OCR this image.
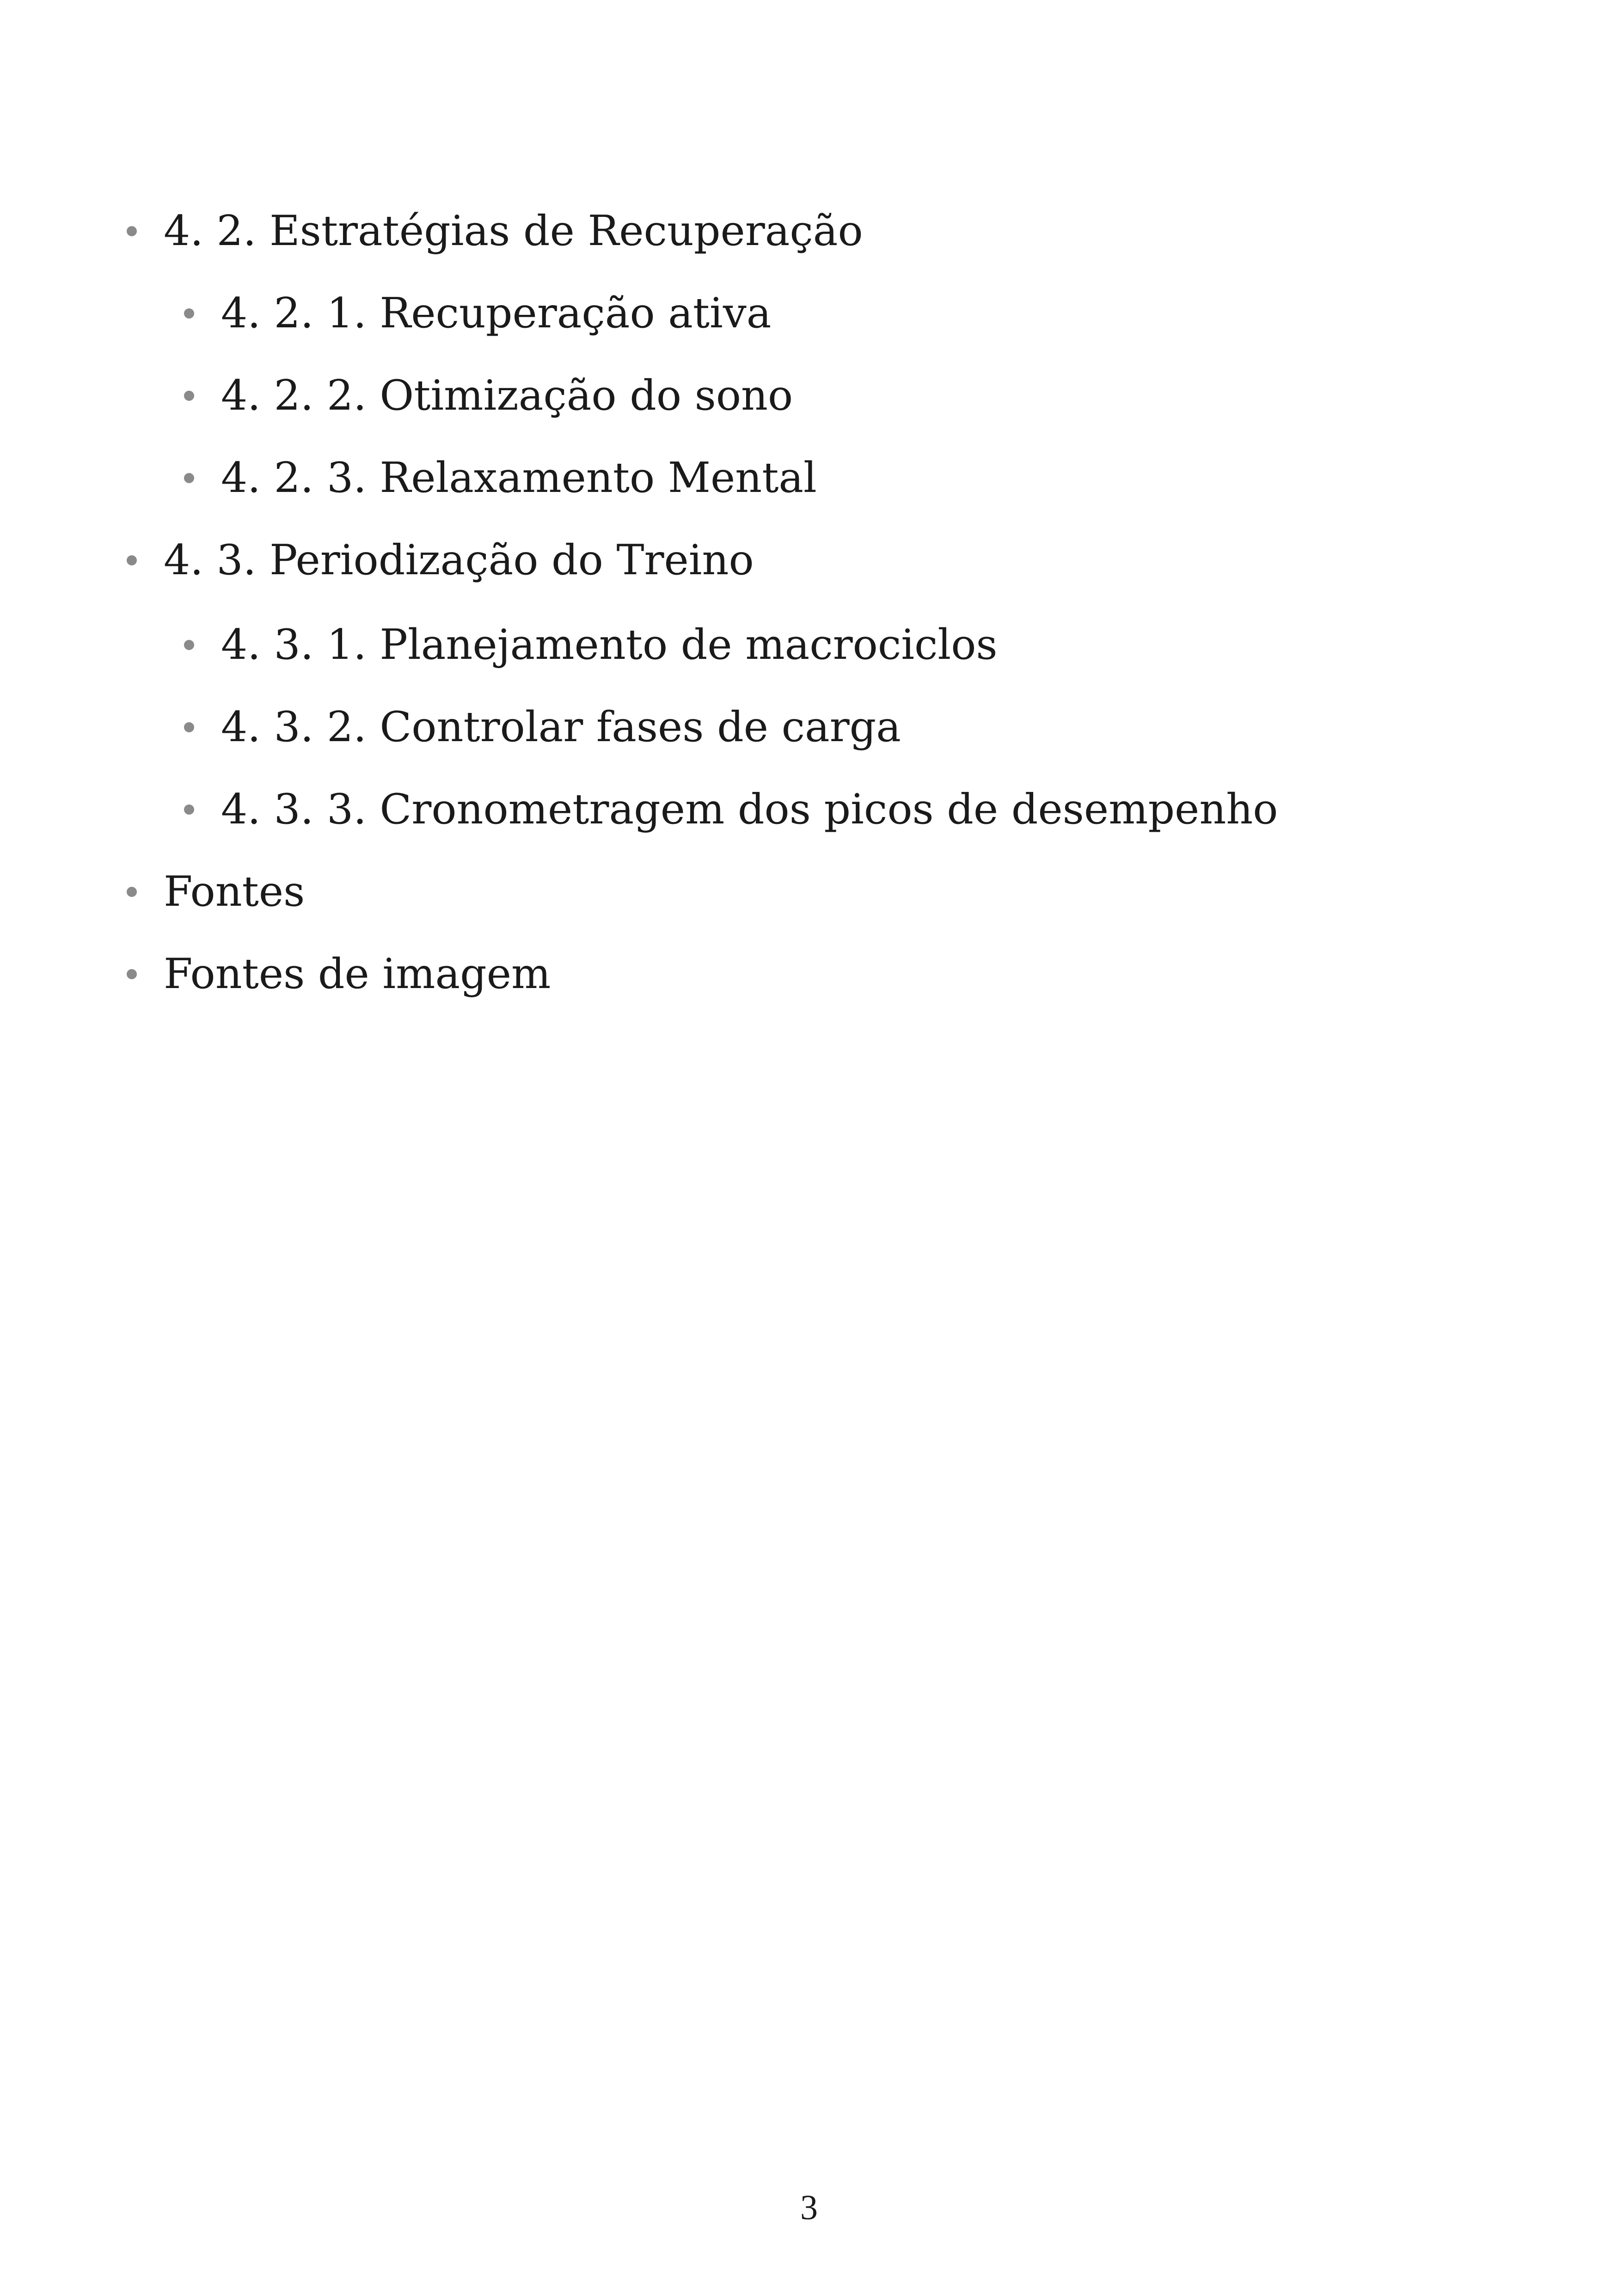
4. 2. Estratégias de Recuperação
4. 2. 1. Recuperação ativa
4. 2. 2. Otimização do sono
4. 2. 3. Relaxamento Mental
4. 3. Periodização do Treino
4. 3. 1. Planejamento de macrociclos
4. 3. 2. Controlar fases de carga
4. 3. 3. Cronometragem dos picos de desempenho
Fontes
Fontes de imagem
3
